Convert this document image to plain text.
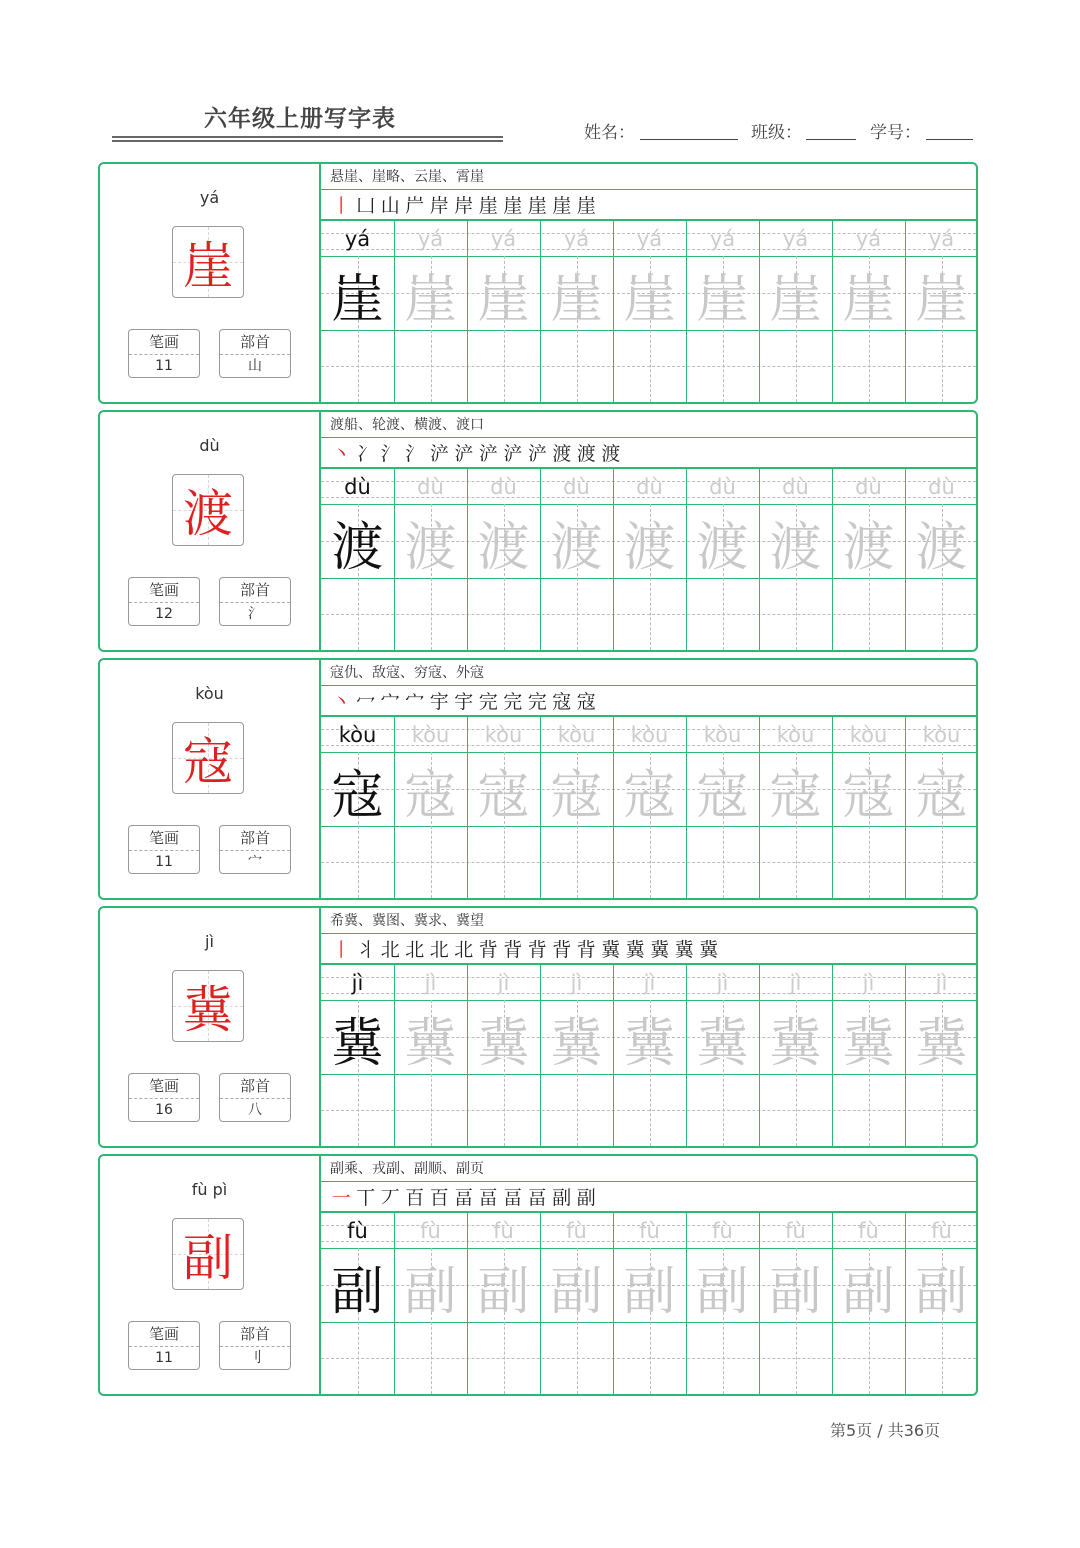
六年级上册写字表
姓名：	班级：	学号：
yá
崖
笔画
11
部首
山
悬崖、崖略、云崖、霄崖
丨 凵 山 屵 岸 岸 崖 崖 崖 崖 崖
yá
崖
yá
崖
yá
崖
yá
崖
yá
崖
yá
崖
yá
崖
yá
崖
yá
崖
dù
渡
笔画
12
部首
氵
渡船、轮渡、横渡、渡口
丶 冫 氵 氵 浐 浐 浐 浐 浐 渡 渡 渡
dù
渡
dù
渡
dù
渡
dù
渡
dù
渡
dù
渡
dù
渡
dù
渡
dù
渡
kòu
寇
笔画
11
部首
宀
寇仇、敌寇、穷寇、外寇
丶 冖 宀 宀 宇 宇 完 完 完 寇 寇
kòu
寇
kòu
寇
kòu
寇
kòu
寇
kòu
寇
kòu
寇
kòu
寇
kòu
寇
kòu
寇
jì
冀
笔画
16
部首
八
希冀、冀图、冀求、冀望
丨 丬 北 北 北 北 背 背 背 背 背 冀 冀 冀 冀 冀
jì
冀
jì
冀
jì
冀
jì
冀
jì
冀
jì
冀
jì
冀
jì
冀
jì
冀
fù pì
副
笔画
11
部首
刂
副乘、戎副、副顺、副页
一 丅 丆 百 百 畐 畐 畐 畐 副 副
fù
副
fù
副
fù
副
fù
副
fù
副
fù
副
fù
副
fù
副
fù
副
第5页 / 共36页
